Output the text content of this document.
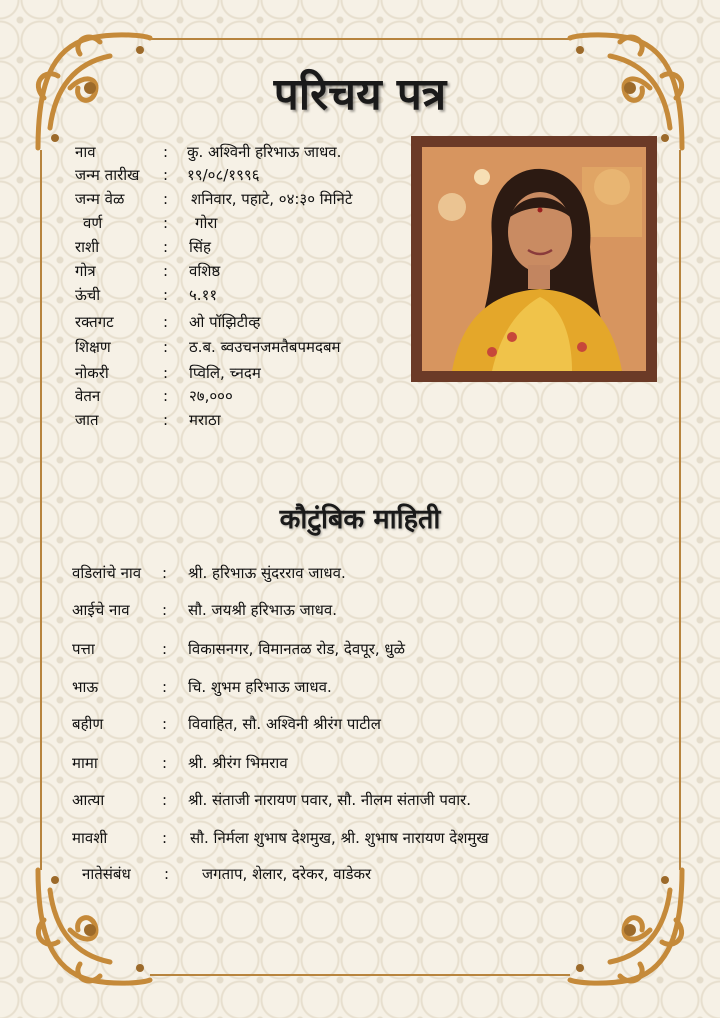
परिचय पत्र
नाव	: कु. अश्विनी हरिभाऊ जाधव.
जन्म तारीख : १९/०८/१९९६
जन्म वेळ	: शनिवार, पहाटे, ०४:३० मिनिटे
वर्ण	: गोरा
राशी	: सिंह
गोत्र	: वशिष्ठ
ऊंची	: ५.११
रक्तगट	: ओ पॉझिटीव्ह
शिक्षण	: ठ.ब. ब्वउचनजमतैबपमदबम
नोकरी	: प्विलि, च्नदम
वेतन	: २७,०००
जात	: मराठा
कौटुंबिक माहिती
वडिलांचे नाव : श्री. हरिभाऊ सुंदरराव जाधव.
आईचे नाव : सौ. जयश्री हरिभाऊ जाधव.
पत्ता	: विकासनगर, विमानतळ रोड, देवपूर, धुळे
भाऊ	: चि. शुभम हरिभाऊ जाधव.
बहीण	: विवाहित, सौ. अश्विनी श्रीरंग पाटील
मामा	: श्री. श्रीरंग भिमराव
आत्या	: श्री. संताजी नारायण पवार, सौ. नीलम संताजी पवार.
मावशी	: सौ. निर्मला शुभाष देशमुख, श्री. शुभाष नारायण देशमुख
नातेसंबंध : जगताप, शेलार, दरेकर, वाडेकर
